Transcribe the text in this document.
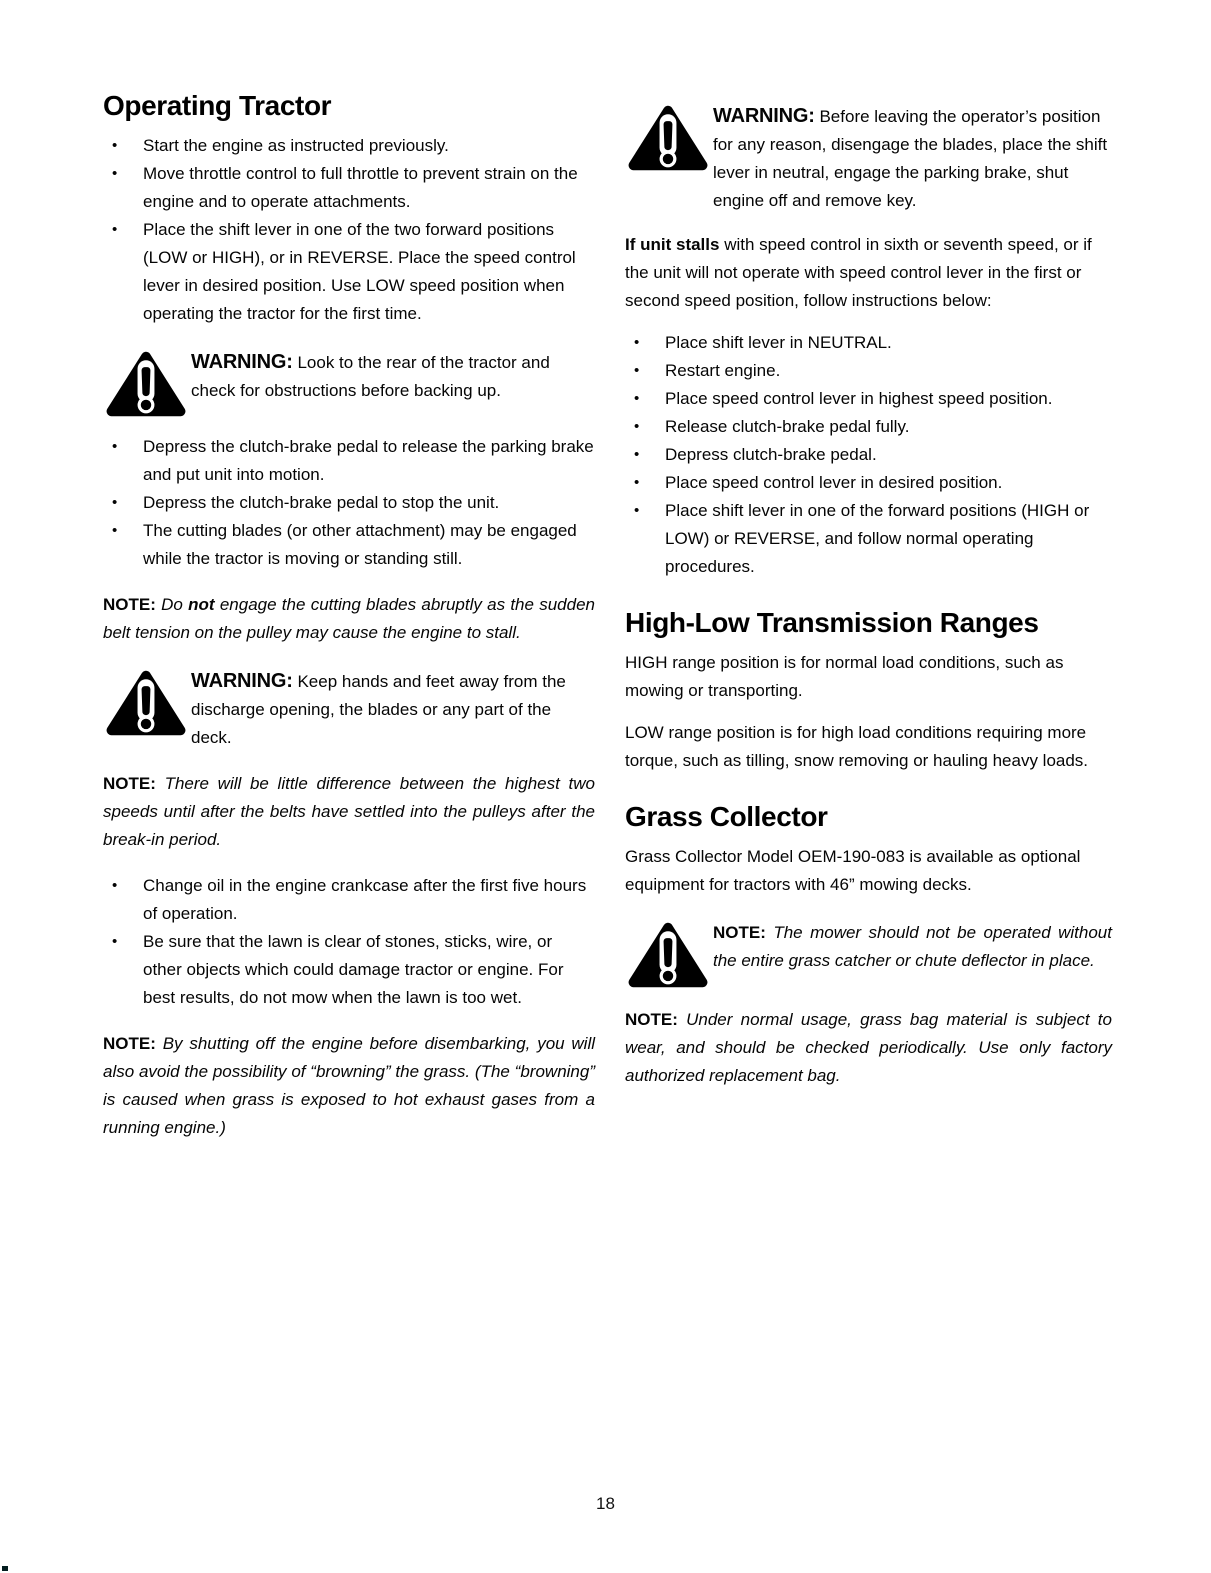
Operating Tractor
•	Start the engine as instructed previously.
•	Move throttle control to full throttle to prevent strain on the engine and to operate attachments.
•	Place the shift lever in one of the two forward positions (LOW or HIGH), or in REVERSE. Place the speed control lever in desired position. Use LOW speed position when operating the tractor for the first time.

WARNING: Look to the rear of the tractor and check for obstructions before backing up.

•	Depress the clutch-brake pedal to release the parking brake and put unit into motion.
•	Depress the clutch-brake pedal to stop the unit.
•	The cutting blades (or other attachment) may be engaged while the tractor is moving or standing still.

NOTE: Do not engage the cutting blades abruptly as the sudden belt tension on the pulley may cause the engine to stall.

WARNING: Keep hands and feet away from the discharge opening, the blades or any part of the deck.

NOTE: There will be little difference between the highest two speeds until after the belts have settled into the pulleys after the break-in period.

•	Change oil in the engine crankcase after the first five hours of operation.
•	Be sure that the lawn is clear of stones, sticks, wire, or other objects which could damage tractor or engine. For best results, do not mow when the lawn is too wet.

NOTE: By shutting off the engine before disembarking, you will also avoid the possibility of “browning” the grass. (The “browning” is caused when grass is exposed to hot exhaust gases from a running engine.)

WARNING: Before leaving the operator’s position for any reason, disengage the blades, place the shift lever in neutral, engage the parking brake, shut engine off and remove key.

If unit stalls with speed control in sixth or seventh speed, or if the unit will not operate with speed control lever in the first or second speed position, follow instructions below:

•	Place shift lever in NEUTRAL.
•	Restart engine.
•	Place speed control lever in highest speed position.
•	Release clutch-brake pedal fully.
•	Depress clutch-brake pedal.
•	Place speed control lever in desired position.
•	Place shift lever in one of the forward positions (HIGH or LOW) or REVERSE, and follow normal operating procedures.
High-Low Transmission Ranges

HIGH range position is for normal load conditions, such as mowing or transporting.

LOW range position is for high load conditions requiring more torque, such as tilling, snow removing or hauling heavy loads.

Grass Collector

Grass Collector Model OEM-190-083 is available as optional equipment for tractors with 46” mowing decks.

NOTE: The mower should not be operated without the entire grass catcher or chute deflector in place.

NOTE: Under normal usage, grass bag material is subject to wear, and should be checked periodically. Use only factory authorized replacement bag.

18
